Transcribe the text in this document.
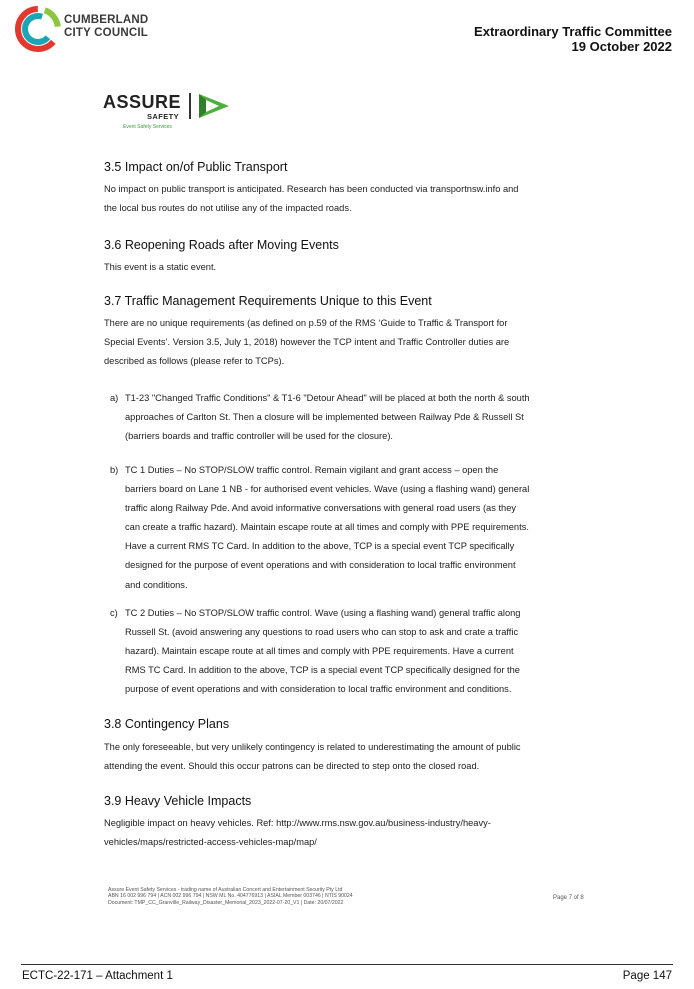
CUMBERLAND
CITY COUNCIL	Extraordinary Traffic Committee
19 October 2022
ASSURE
SAFETY
Event Safety Services
3.5 Impact on/of Public Transport

No impact on public transport is anticipated. Research has been conducted via transportnsw.info and
the local bus routes do not utilise any of the impacted roads.

3.6 Reopening Roads after Moving Events

This event is a static event.

3.7 Traffic Management Requirements Unique to this Event

There are no unique requirements (as defined on p.59 of the RMS ‘Guide to Traffic & Transport for
Special Events’. Version 3.5, July 1, 2018) however the TCP intent and Traffic Controller duties are
described as follows (please refer to TCPs).

a) T1-23 "Changed Traffic Conditions" & T1-6 "Detour Ahead" will be placed at both the north & south
approaches of Carlton St. Then a closure will be implemented between Railway Pde & Russell St
(barriers boards and traffic controller will be used for the closure).
b) TC 1 Duties – No STOP/SLOW traffic control. Remain vigilant and grant access – open the
barriers board on Lane 1 NB - for authorised event vehicles. Wave (using a flashing wand) general
traffic along Railway Pde. And avoid informative conversations with general road users (as they
can create a traffic hazard). Maintain escape route at all times and comply with PPE requirements.
Have a current RMS TC Card. In addition to the above, TCP is a special event TCP specifically
designed for the purpose of event operations and with consideration to local traffic environment
and conditions.
c) TC 2 Duties – No STOP/SLOW traffic control. Wave (using a flashing wand) general traffic along
Russell St. (avoid answering any questions to road users who can stop to ask and crate a traffic
hazard). Maintain escape route at all times and comply with PPE requirements. Have a current
RMS TC Card. In addition to the above, TCP is a special event TCP specifically designed for the
purpose of event operations and with consideration to local traffic environment and conditions.
3.8 Contingency Plans

The only foreseeable, but very unlikely contingency is related to underestimating the amount of public
attending the event. Should this occur patrons can be directed to step onto the closed road.

3.9 Heavy Vehicle Impacts

Negligible impact on heavy vehicles. Ref: http://www.rms.nsw.gov.au/business-industry/heavy-
vehicles/maps/restricted-access-vehicles-map/map/

Assure Event Safety Services - trading name of Australian Concert and Entertainment Security Pty Ltd
ABN 16 002 996 794 | ACN 002 996 794 | NSW ML No. 404776913 | ASIAL Member 003746 | NTIS 90024
Document: TMP_CC_Granville_Railway_Disaster_Memorial_2023_2022-07-20_V1 | Date: 20/07/2022
Page 7 of 8
ECTC-22-171 – Attachment 1	Page 147
